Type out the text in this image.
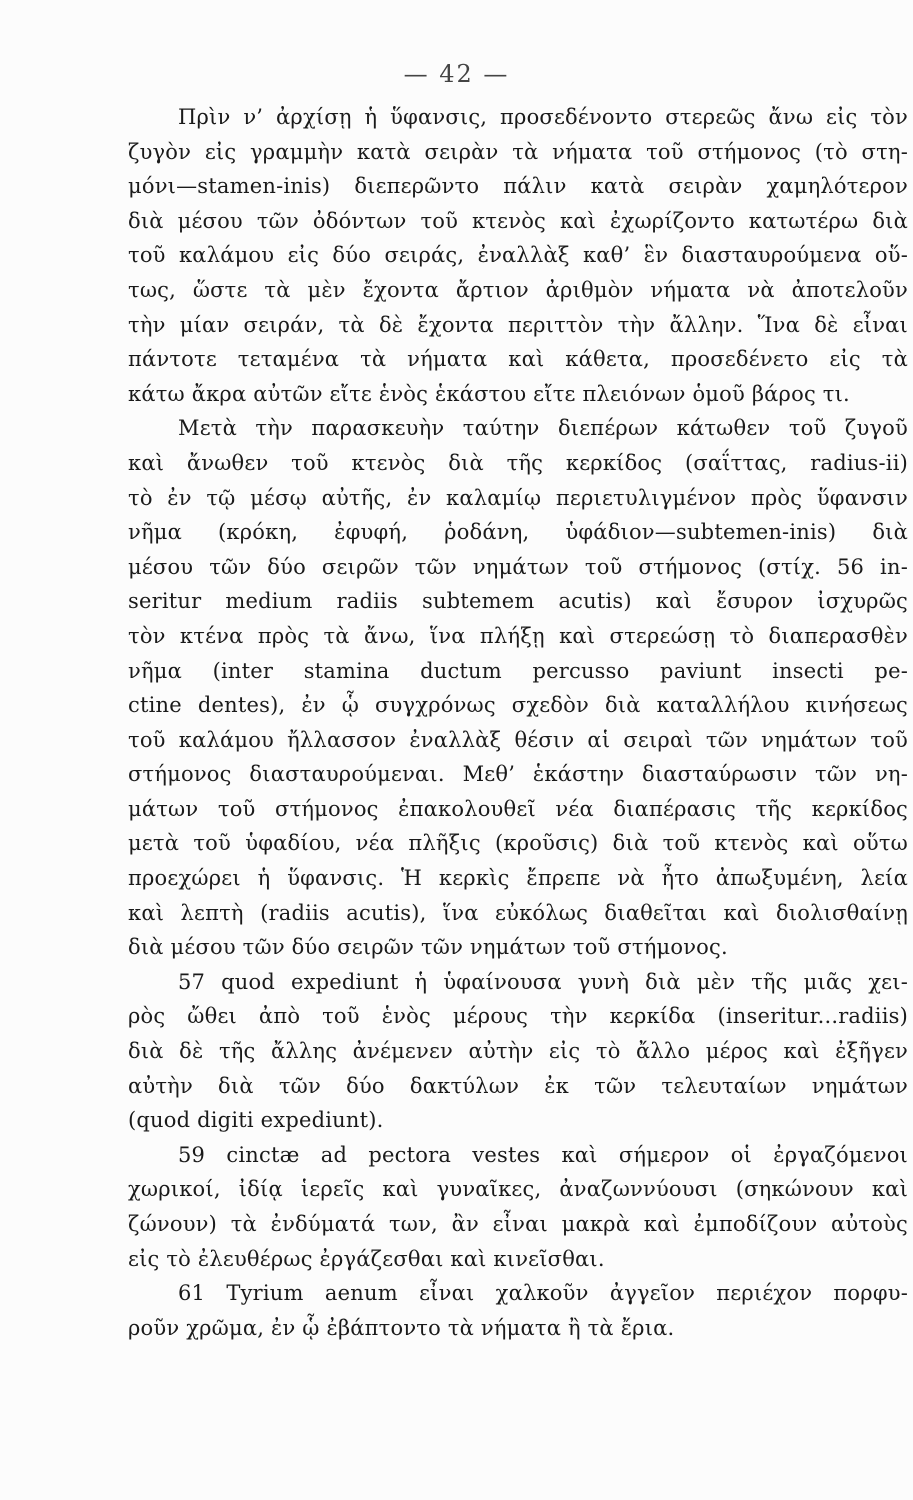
— 42 —
Πρὶν ν’ ἀρχίσῃ ἡ ὕφανσις, προσεδένοντο στερεῶς ἄνω εἰς τὸν
ζυγὸν εἰς γραμμὴν κατὰ σειρὰν τὰ νήματα τοῦ στήμονος (τὸ στη-
μόνι—stamen-inis) διεπερῶντο πάλιν κατὰ σειρὰν χαμηλότερον
διὰ μέσου τῶν ὀδόντων τοῦ κτενὸς καὶ ἐχωρίζοντο κατωτέρω διὰ
τοῦ καλάμου εἰς δύο σειράς, ἐναλλὰξ καθ’ ἓν διασταυρούμενα οὕ-
τως, ὥστε τὰ μὲν ἔχοντα ἄρτιον ἀριθμὸν νήματα νὰ ἀποτελοῦν
τὴν μίαν σειράν, τὰ δὲ ἔχοντα περιττὸν τὴν ἄλλην. Ἵνα δὲ εἶναι
πάντοτε τεταμένα τὰ νήματα καὶ κάθετα, προσεδένετο εἰς τὰ
κάτω ἄκρα αὐτῶν εἴτε ἑνὸς ἑκάστου εἴτε πλειόνων ὁμοῦ βάρος τι.
Μετὰ τὴν παρασκευὴν ταύτην διεπέρων κάτωθεν τοῦ ζυγοῦ
καὶ ἄνωθεν τοῦ κτενὸς διὰ τῆς κερκίδος (σαΐττας, radius-ii)
τὸ ἐν τῷ μέσῳ αὐτῆς, ἐν καλαμίῳ περιετυλιγμένον πρὸς ὕφανσιν
νῆμα (κρόκη, ἐφυφή, ῥοδάνη, ὑφάδιον—subtemen-inis) διὰ
μέσου τῶν δύο σειρῶν τῶν νημάτων τοῦ στήμονος (στίχ. 56 in-
seritur medium radiis subtemem acutis) καὶ ἔσυρον ἰσχυρῶς
τὸν κτένα πρὸς τὰ ἄνω, ἵνα πλήξῃ καὶ στερεώσῃ τὸ διαπερασθὲν
νῆμα (inter stamina ductum percusso paviunt insecti pe-
ctine dentes), ἐν ᾧ συγχρόνως σχεδὸν διὰ καταλλήλου κινήσεως
τοῦ καλάμου ἤλλασσον ἐναλλὰξ θέσιν αἱ σειραὶ τῶν νημάτων τοῦ
στήμονος διασταυρούμεναι. Μεθ’ ἑκάστην διασταύρωσιν τῶν νη-
μάτων τοῦ στήμονος ἐπακολουθεῖ νέα διαπέρασις τῆς κερκίδος
μετὰ τοῦ ὑφαδίου, νέα πλῆξις (κροῦσις) διὰ τοῦ κτενὸς καὶ οὕτω
προεχώρει ἡ ὕφανσις. Ἡ κερκὶς ἔπρεπε νὰ ἦτο ἀπωξυμένη, λεία
καὶ λεπτὴ (radiis acutis), ἵνα εὐκόλως διαθεῖται καὶ διολισθαίνῃ
διὰ μέσου τῶν δύο σειρῶν τῶν νημάτων τοῦ στήμονος.
57 quod expediunt ἡ ὑφαίνουσα γυνὴ διὰ μὲν τῆς μιᾶς χει-
ρὸς ὤθει ἀπὸ τοῦ ἑνὸς μέρους τὴν κερκίδα (inseritur...radiis)
διὰ δὲ τῆς ἄλλης ἀνέμενεν αὐτὴν εἰς τὸ ἄλλο μέρος καὶ ἐξῆγεν
αὐτὴν διὰ τῶν δύο δακτύλων ἐκ τῶν τελευταίων νημάτων
(quod digiti expediunt).
59 cinctæ ad pectora vestes καὶ σήμερον οἱ ἐργαζόμενοι
χωρικοί, ἰδίᾳ ἱερεῖς καὶ γυναῖκες, ἀναζωννύουσι (σηκώνουν καὶ
ζώνουν) τὰ ἐνδύματά των, ἂν εἶναι μακρὰ καὶ ἐμποδίζουν αὐτοὺς
εἰς τὸ ἐλευθέρως ἐργάζεσθαι καὶ κινεῖσθαι.
61 Tyrium aenum εἶναι χαλκοῦν ἀγγεῖον περιέχον πορφυ-
ροῦν χρῶμα, ἐν ᾧ ἐβάπτοντο τὰ νήματα ἢ τὰ ἔρια.
